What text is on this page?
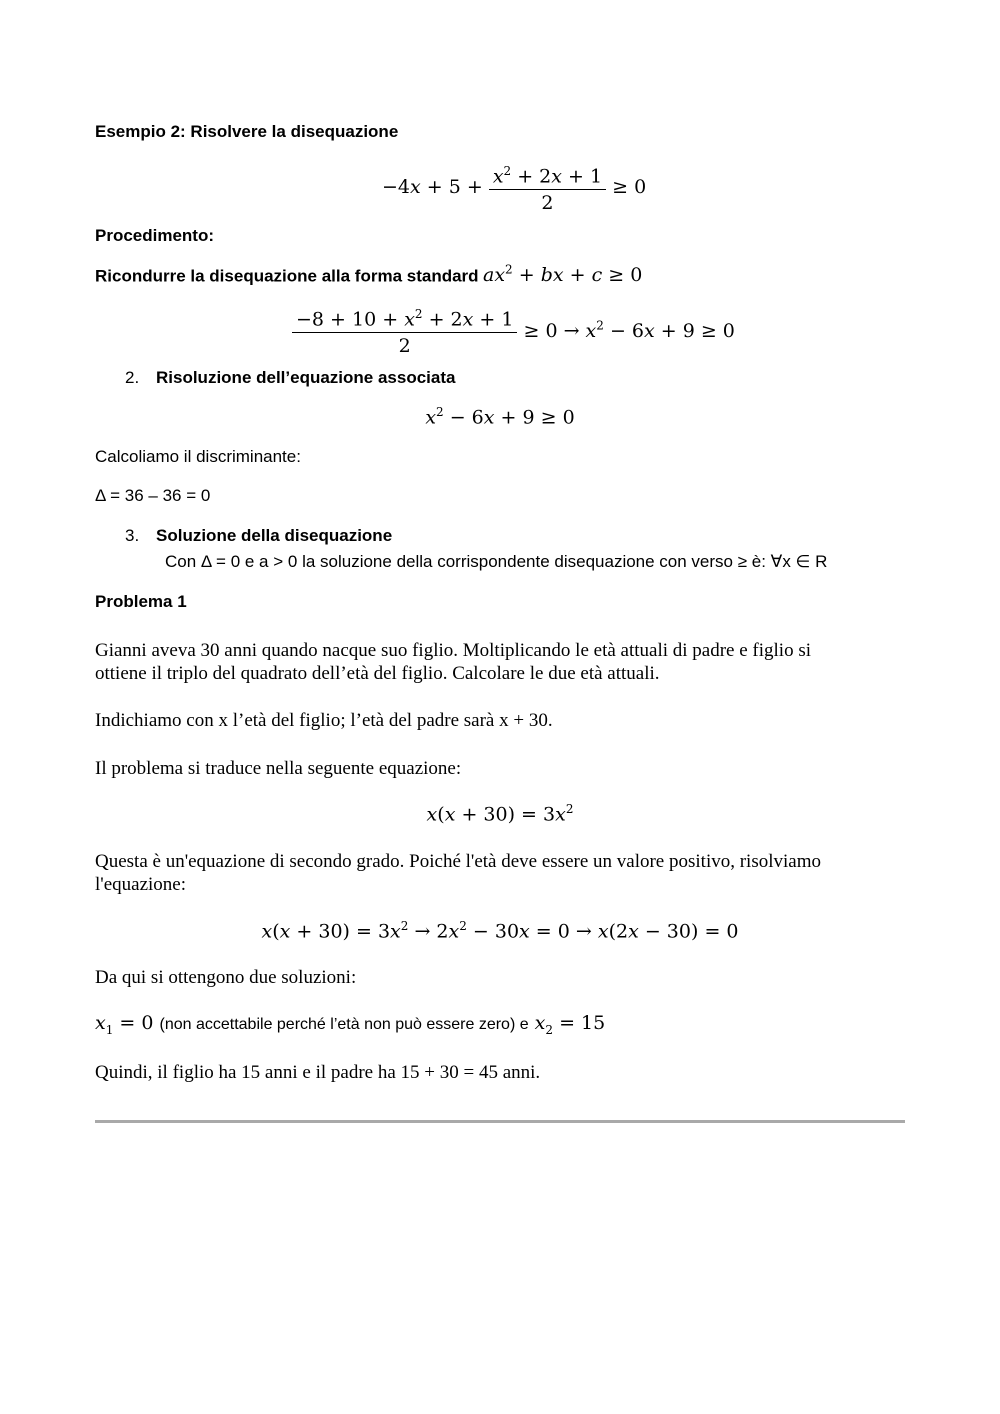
Esempio 2: Risolvere la disequazione
$-4x + 5 + \frac{x^2 + 2x + 1}{2} \ge 0$
Procedimento:
Ricondurre la disequazione alla forma standard $ax^2$ + bx + c ≥ 0
$\frac{-8 + 10 + x^2 + 2x + 1}{2} \ge 0 \to x^2 - 6x + 9 \ge 0$
2. Risoluzione dell’equazione associata
$x^2 - 6x + 9 \ge 0$
Calcoliamo il discriminante:
Δ = 36 – 36 = 0
3. Soluzione della disequazione
Con Δ = 0 e a > 0 la soluzione della corrispondente disequazione con verso ≥ è: ∀x ∈ R
Problema 1
Gianni aveva 30 anni quando nacque suo figlio. Moltiplicando le età attuali di padre e figlio si
ottiene il triplo del quadrato dell’età del figlio. Calcolare le due età attuali.
Indichiamo con x l’età del figlio; l’età del padre sarà x + 30.
Il problema si traduce nella seguente equazione:
$x(x + 30) = 3x^2$
Questa è un'equazione di secondo grado. Poiché l'età deve essere un valore positivo, risolviamo
l'equazione:
$x(x + 30) = 3x^2 \to 2x^2 - 30x = 0 \to x(2x - 30) = 0$
Da qui si ottengono due soluzioni:
$x_1 = 0$ (non accettabile perché l’età non può essere zero) e $x_2 = 15$
Quindi, il figlio ha 15 anni e il padre ha 15 + 30 = 45 anni.
